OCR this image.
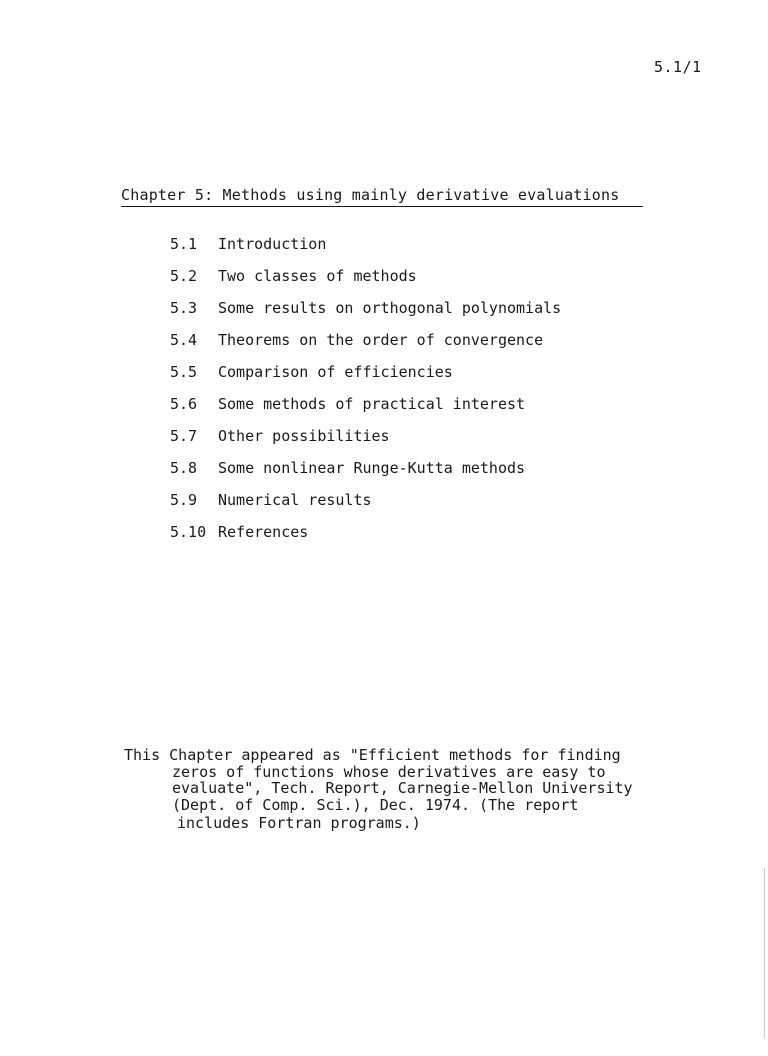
5.1/1
Chapter 5: Methods using mainly derivative evaluations
5.1 Introduction
5.2 Two classes of methods
5.3 Some results on orthogonal polynomials
5.4 Theorems on the order of convergence
5.5 Comparison of efficiencies
5.6 Some methods of practical interest
5.7 Other possibilities
5.8 Some nonlinear Runge-Kutta methods
5.9 Numerical results
5.10 References
This Chapter appeared as "Efficient methods for finding
zeros of functions whose derivatives are easy to
evaluate", Tech. Report, Carnegie-Mellon University
(Dept. of Comp. Sci.), Dec. 1974. (The report
includes Fortran programs.)
